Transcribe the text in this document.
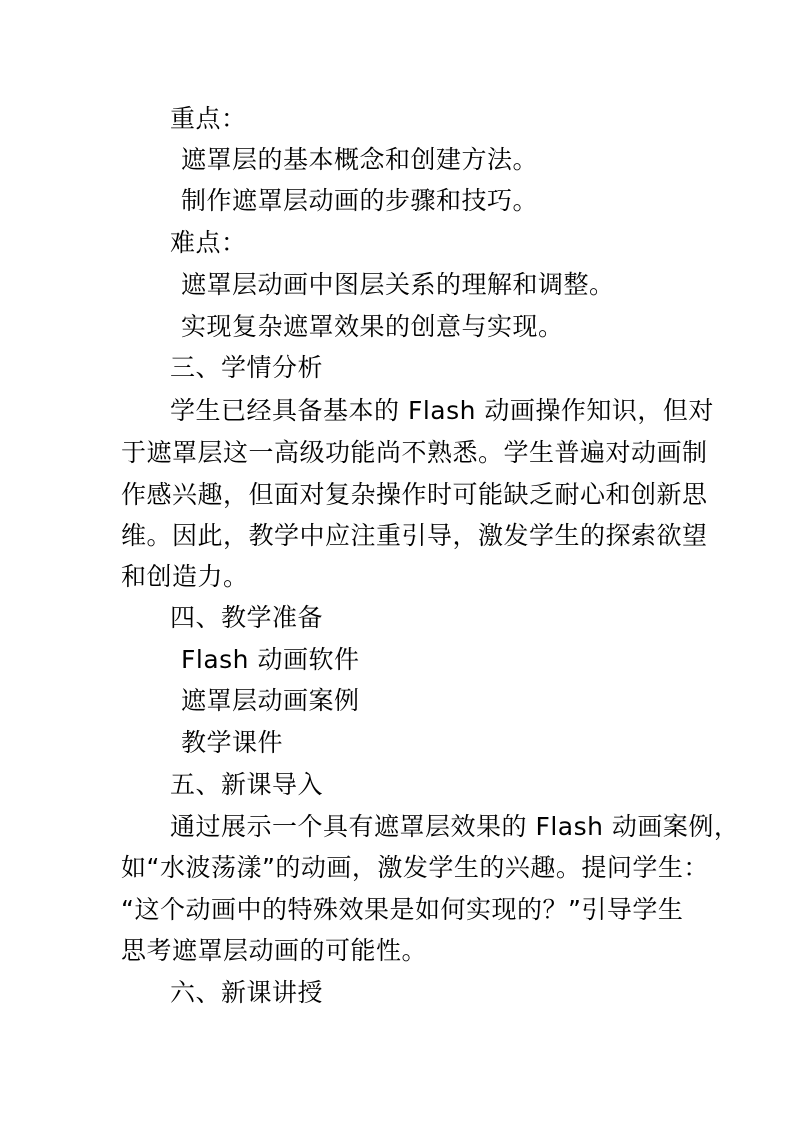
重点：
遮罩层的基本概念和创建方法。
制作遮罩层动画的步骤和技巧。
难点：
遮罩层动画中图层关系的理解和调整。
实现复杂遮罩效果的创意与实现。
三、学情分析
学生已经具备基本的 Flash 动画操作知识，但对
于遮罩层这一高级功能尚不熟悉。学生普遍对动画制
作感兴趣，但面对复杂操作时可能缺乏耐心和创新思
维。因此，教学中应注重引导，激发学生的探索欲望
和创造力。
四、教学准备
Flash 动画软件
遮罩层动画案例
教学课件
五、新课导入
通过展示一个具有遮罩层效果的 Flash 动画案例，
如“水波荡漾”的动画，激发学生的兴趣。提问学生：
“这个动画中的特殊效果是如何实现的？”引导学生
思考遮罩层动画的可能性。
六、新课讲授
